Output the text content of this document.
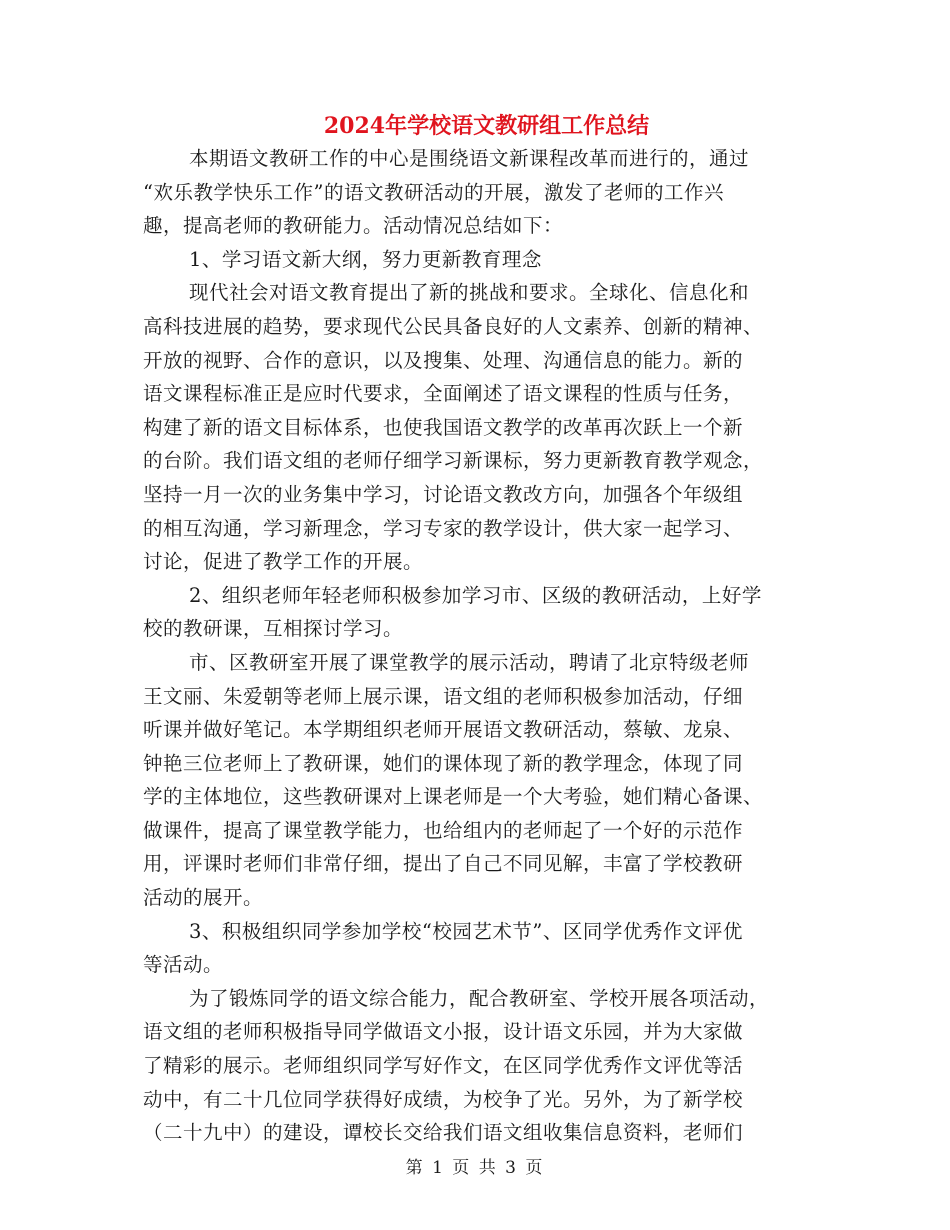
2024年学校语文教研组工作总结
本期语文教研工作的中心是围绕语文新课程改革而进行的，通过
“欢乐教学快乐工作”的语文教研活动的开展，激发了老师的工作兴
趣，提高老师的教研能力。活动情况总结如下：
1、学习语文新大纲，努力更新教育理念
现代社会对语文教育提出了新的挑战和要求。全球化、信息化和
高科技进展的趋势，要求现代公民具备良好的人文素养、创新的精神、
开放的视野、合作的意识，以及搜集、处理、沟通信息的能力。新的
语文课程标准正是应时代要求，全面阐述了语文课程的性质与任务，
构建了新的语文目标体系，也使我国语文教学的改革再次跃上一个新
的台阶。我们语文组的老师仔细学习新课标，努力更新教育教学观念，
坚持一月一次的业务集中学习，讨论语文教改方向，加强各个年级组
的相互沟通，学习新理念，学习专家的教学设计，供大家一起学习、
讨论，促进了教学工作的开展。
2、组织老师年轻老师积极参加学习市、区级的教研活动，上好学
校的教研课，互相探讨学习。
市、区教研室开展了课堂教学的展示活动，聘请了北京特级老师
王文丽、朱爱朝等老师上展示课，语文组的老师积极参加活动，仔细
听课并做好笔记。本学期组织老师开展语文教研活动，蔡敏、龙泉、
钟艳三位老师上了教研课，她们的课体现了新的教学理念，体现了同
学的主体地位，这些教研课对上课老师是一个大考验，她们精心备课、
做课件，提高了课堂教学能力，也给组内的老师起了一个好的示范作
用，评课时老师们非常仔细，提出了自己不同见解，丰富了学校教研
活动的展开。
3、积极组织同学参加学校“校园艺术节”、区同学优秀作文评优
等活动。
为了锻炼同学的语文综合能力，配合教研室、学校开展各项活动，
语文组的老师积极指导同学做语文小报，设计语文乐园，并为大家做
了精彩的展示。老师组织同学写好作文，在区同学优秀作文评优等活
动中，有二十几位同学获得好成绩，为校争了光。另外，为了新学校
（二十九中）的建设，谭校长交给我们语文组收集信息资料，老师们
第 1 页 共 3 页
